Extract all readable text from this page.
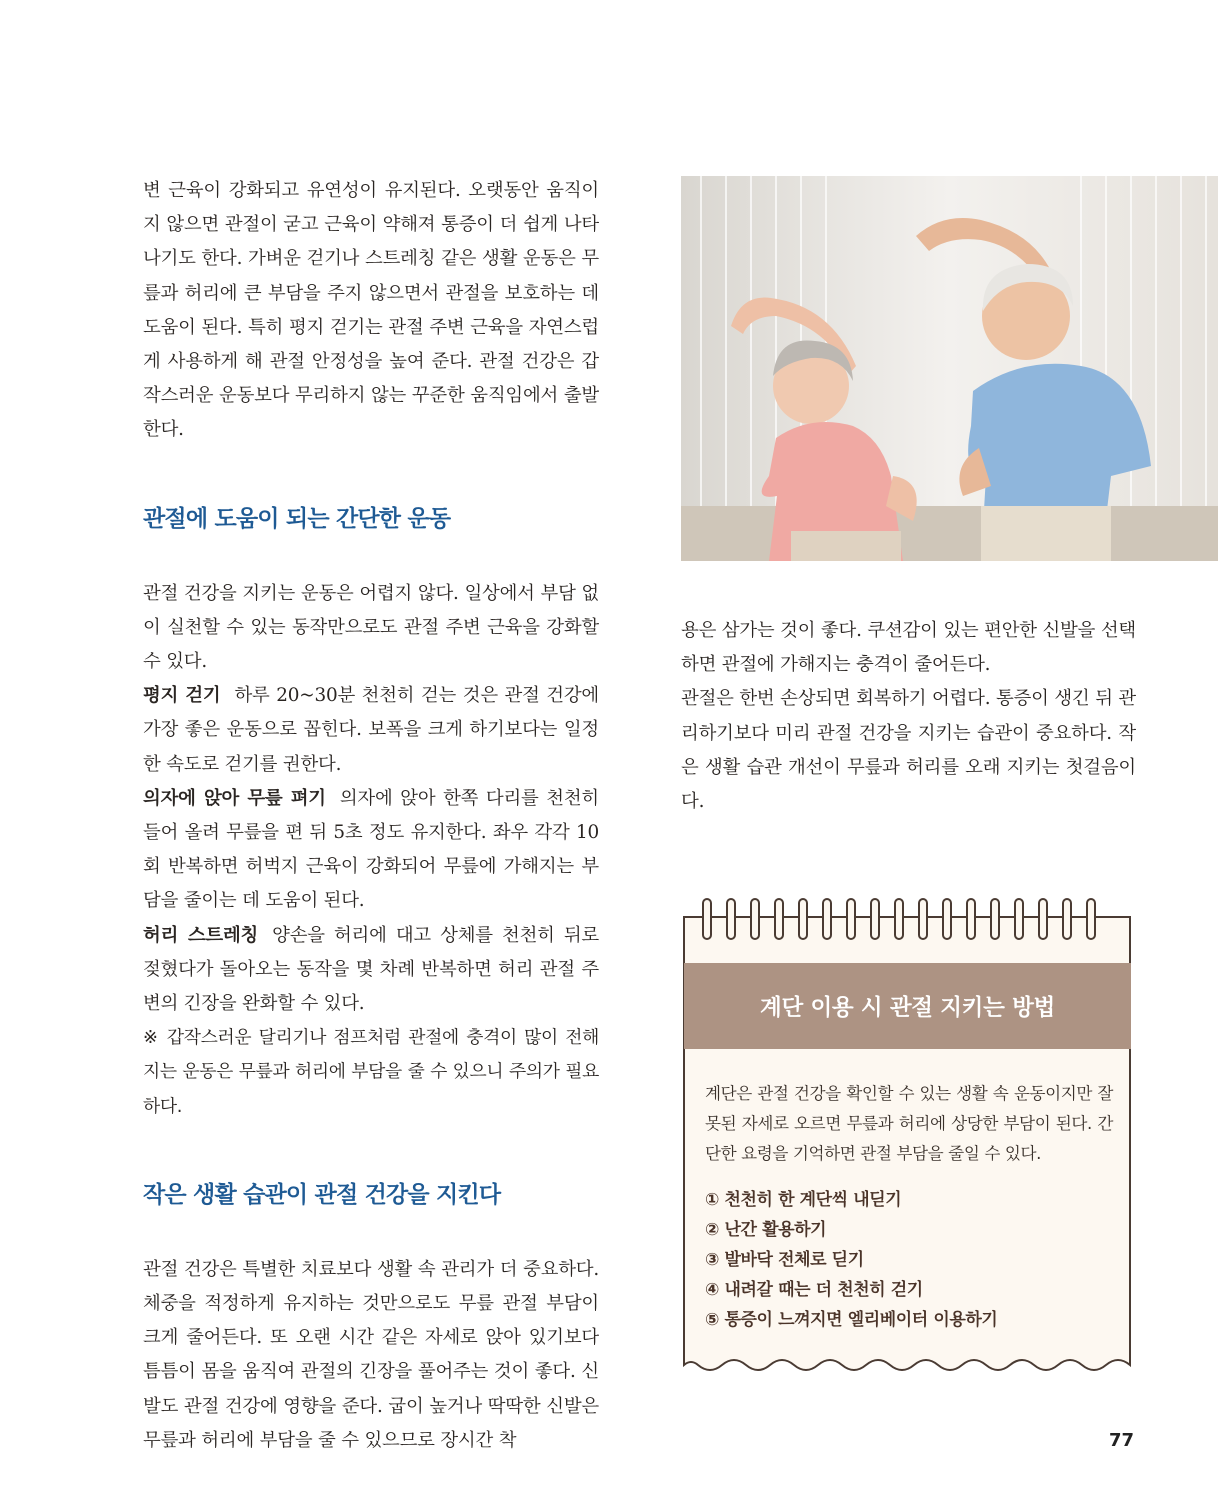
변 근육이 강화되고 유연성이 유지된다. 오랫동안 움직이지 않으면 관절이 굳고 근육이 약해져 통증이 더 쉽게 나타나기도 한다. 가벼운 걷기나 스트레칭 같은 생활 운동은 무릎과 허리에 큰 부담을 주지 않으면서 관절을 보호하는 데 도움이 된다. 특히 평지 걷기는 관절 주변 근육을 자연스럽게 사용하게 해 관절 안정성을 높여 준다. 관절 건강은 갑작스러운 운동보다 무리하지 않는 꾸준한 움직임에서 출발한다.

관절에 도움이 되는 간단한 운동

관절 건강을 지키는 운동은 어렵지 않다. 일상에서 부담 없이 실천할 수 있는 동작만으로도 관절 주변 근육을 강화할 수 있다.

평지 걷기 하루 20~30분 천천히 걷는 것은 관절 건강에 가장 좋은 운동으로 꼽힌다. 보폭을 크게 하기보다는 일정한 속도로 걷기를 권한다.

의자에 앉아 무릎 펴기 의자에 앉아 한쪽 다리를 천천히 들어 올려 무릎을 편 뒤 5초 정도 유지한다. 좌우 각각 10회 반복하면 허벅지 근육이 강화되어 무릎에 가해지는 부담을 줄이는 데 도움이 된다.

허리 스트레칭 양손을 허리에 대고 상체를 천천히 뒤로 젖혔다가 돌아오는 동작을 몇 차례 반복하면 허리 관절 주변의 긴장을 완화할 수 있다.

※ 갑작스러운 달리기나 점프처럼 관절에 충격이 많이 전해지는 운동은 무릎과 허리에 부담을 줄 수 있으니 주의가 필요하다.

작은 생활 습관이 관절 건강을 지킨다

관절 건강은 특별한 치료보다 생활 속 관리가 더 중요하다. 체중을 적정하게 유지하는 것만으로도 무릎 관절 부담이 크게 줄어든다. 또 오랜 시간 같은 자세로 앉아 있기보다 틈틈이 몸을 움직여 관절의 긴장을 풀어주는 것이 좋다. 신발도 관절 건강에 영향을 준다. 굽이 높거나 딱딱한 신발은 무릎과 허리에 부담을 줄 수 있으므로 장시간 착

용은 삼가는 것이 좋다. 쿠션감이 있는 편안한 신발을 선택하면 관절에 가해지는 충격이 줄어든다.

관절은 한번 손상되면 회복하기 어렵다. 통증이 생긴 뒤 관리하기보다 미리 관절 건강을 지키는 습관이 중요하다. 작은 생활 습관 개선이 무릎과 허리를 오래 지키는 첫걸음이다.

계단 이용 시 관절 지키는 방법

계단은 관절 건강을 확인할 수 있는 생활 속 운동이지만 잘못된 자세로 오르면 무릎과 허리에 상당한 부담이 된다. 간단한 요령을 기억하면 관절 부담을 줄일 수 있다.

① 천천히 한 계단씩 내딛기
② 난간 활용하기
③ 발바닥 전체로 딛기
④ 내려갈 때는 더 천천히 걷기
⑤ 통증이 느껴지면 엘리베이터 이용하기
77
